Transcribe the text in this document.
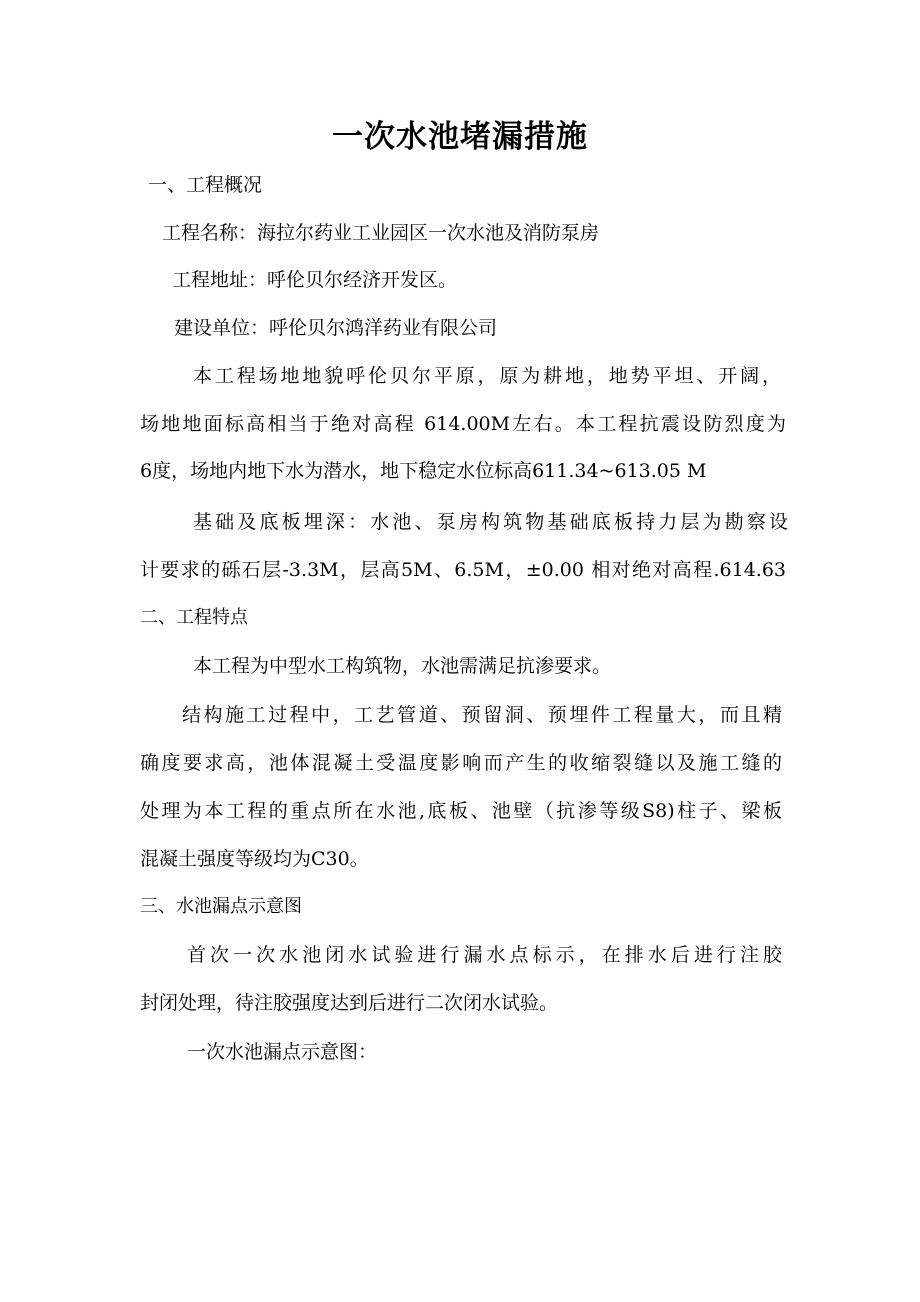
一次水池堵漏措施
一、工程概况
工程名称：海拉尔药业工业园区一次水池及消防泵房
工程地址：呼伦贝尔经济开发区。
建设单位：呼伦贝尔鸿洋药业有限公司
本工程场地地貌呼伦贝尔平原，原为耕地，地势平坦、开阔，
场地地面标高相当于绝对高程 614.00M左右。本工程抗震设防烈度为
6度，场地内地下水为潜水，地下稳定水位标高611.34~613.05 M
基础及底板埋深：水池、泵房构筑物基础底板持力层为勘察设
计要求的砾石层-3.3M，层高5M、6.5M，±0.00 相对绝对高程.614.63
二、工程特点
本工程为中型水工构筑物，水池需满足抗渗要求。
结构施工过程中，工艺管道、预留洞、预埋件工程量大，而且精
确度要求高，池体混凝土受温度影响而产生的收缩裂缝以及施工缝的
处理为本工程的重点所在水池,底板、池壁（抗渗等级S8)柱子、梁板
混凝土强度等级均为C30。
三、水池漏点示意图
首次一次水池闭水试验进行漏水点标示，在排水后进行注胶
封闭处理，待注胶强度达到后进行二次闭水试验。
一次水池漏点示意图：
